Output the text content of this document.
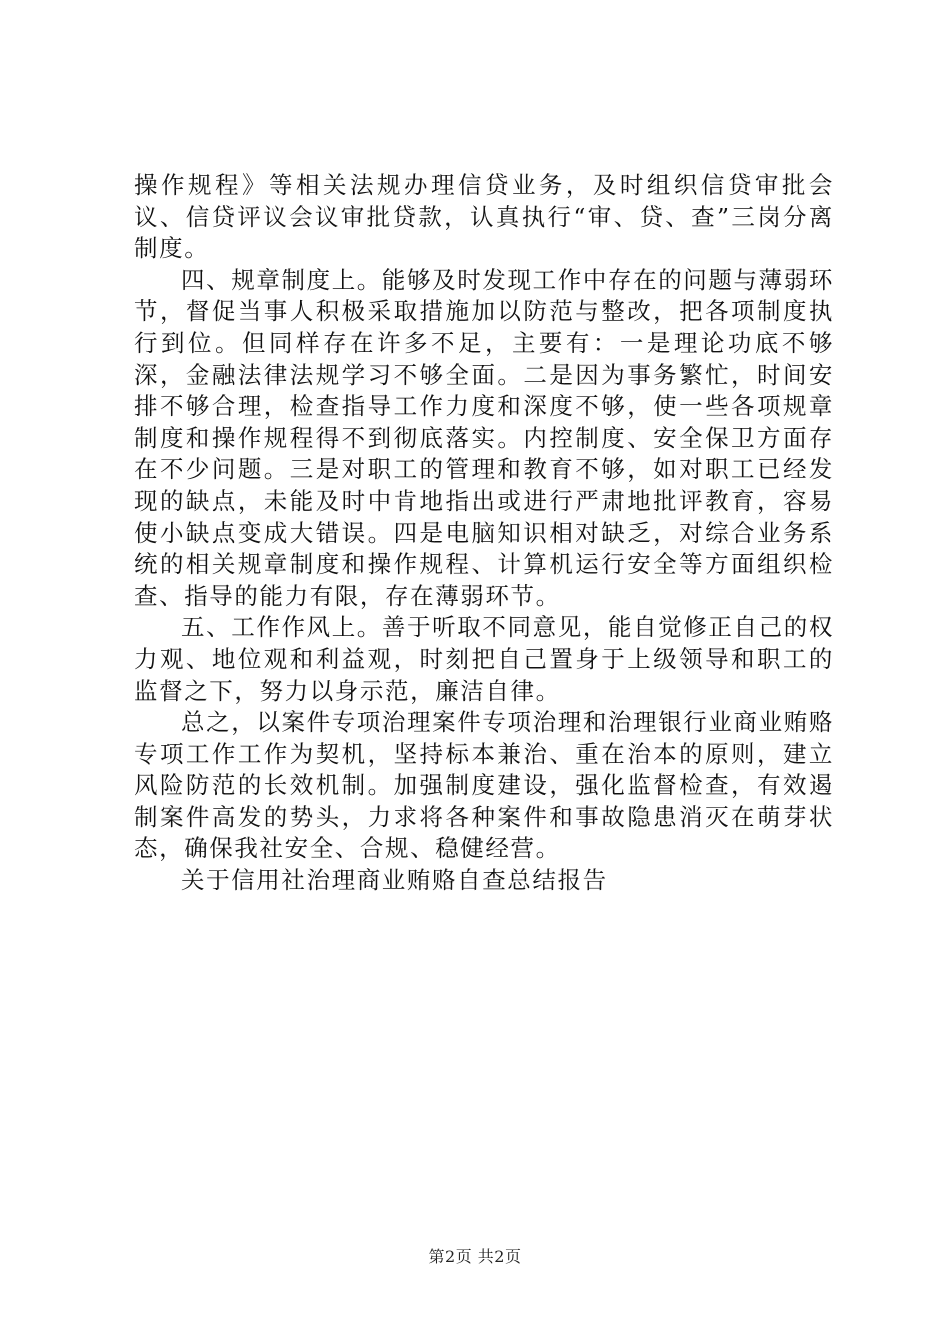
操作规程》等相关法规办理信贷业务，及时组织信贷审批会议、信贷评议会议审批贷款，认真执行“审、贷、查”三岗分离制度。

四、规章制度上。能够及时发现工作中存在的问题与薄弱环节，督促当事人积极采取措施加以防范与整改，把各项制度执行到位。但同样存在许多不足，主要有：一是理论功底不够深，金融法律法规学习不够全面。二是因为事务繁忙，时间安排不够合理，检查指导工作力度和深度不够，使一些各项规章制度和操作规程得不到彻底落实。内控制度、安全保卫方面存在不少问题。三是对职工的管理和教育不够，如对职工已经发现的缺点，未能及时中肯地指出或进行严肃地批评教育，容易使小缺点变成大错误。四是电脑知识相对缺乏，对综合业务系统的相关规章制度和操作规程、计算机运行安全等方面组织检查、指导的能力有限，存在薄弱环节。

五、工作作风上。善于听取不同意见，能自觉修正自己的权力观、地位观和利益观，时刻把自己置身于上级领导和职工的监督之下，努力以身示范，廉洁自律。

总之，以案件专项治理案件专项治理和治理银行业商业贿赂专项工作工作为契机，坚持标本兼治、重在治本的原则，建立风险防范的长效机制。加强制度建设，强化监督检查，有效遏制案件高发的势头，力求将各种案件和事故隐患消灭在萌芽状态，确保我社安全、合规、稳健经营。

关于信用社治理商业贿赂自查总结报告

第2页 共2页
